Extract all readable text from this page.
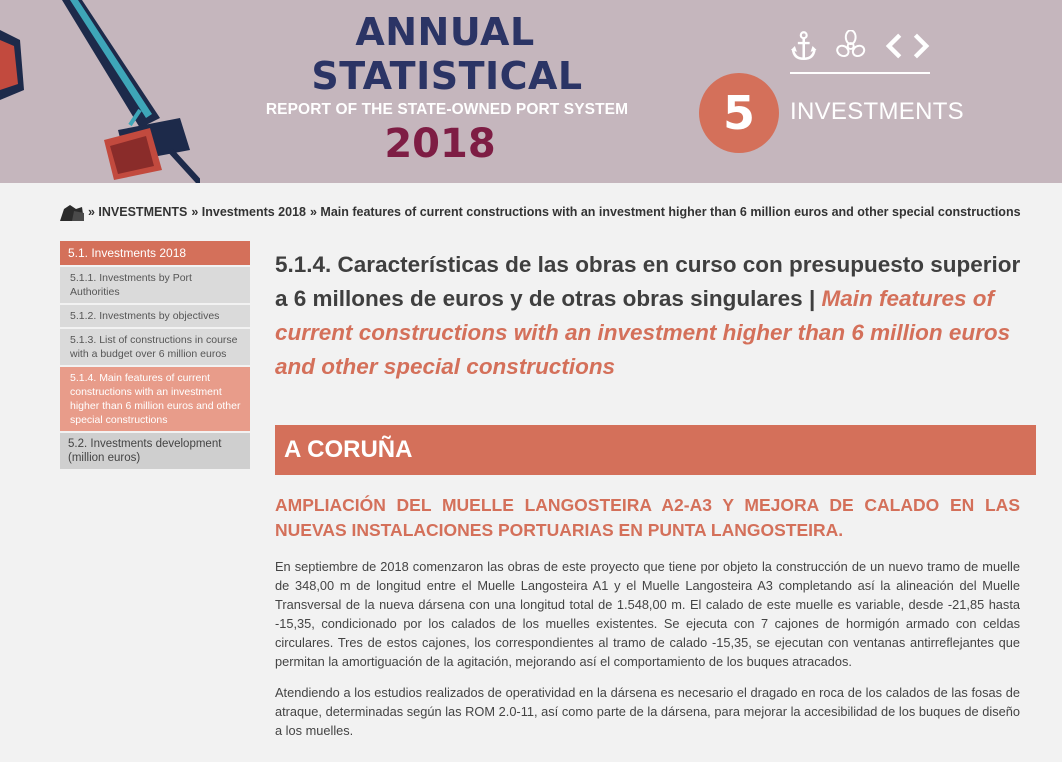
ANNUAL
STATISTICAL
REPORT OF THE STATE-OWNED PORT SYSTEM
2018
5	INVESTMENTS
» INVESTMENTS » Investments 2018 » Main features of current constructions with an investment higher than 6 million euros and other special constructions
5.1. Investments 2018
5.1.1. Investments by Port Authorities
5.1.2. Investments by objectives
5.1.3. List of constructions in course with a budget over 6 million euros
5.1.4. Main features of current constructions with an investment higher than 6 million euros and other special constructions
5.2. Investments development (million euros)
5.1.4. Características de las obras en curso con presupuesto superior a 6 millones de euros y de otras obras singulares | Main features of current constructions with an investment higher than 6 million euros and other special constructions
A CORUÑA
AMPLIACIÓN DEL MUELLE LANGOSTEIRA A2-A3 Y MEJORA DE CALADO EN LAS NUEVAS INSTALACIONES PORTUARIAS EN PUNTA LANGOSTEIRA.

En septiembre de 2018 comenzaron las obras de este proyecto que tiene por objeto la construcción de un nuevo tramo de muelle de 348,00 m de longitud entre el Muelle Langosteira A1 y el Muelle Langosteira A3 completando así la alineación del Muelle Transversal de la nueva dársena con una longitud total de 1.548,00 m. El calado de este muelle es variable, desde -21,85 hasta -15,35, condicionado por los calados de los muelles existentes. Se ejecuta con 7 cajones de hormigón armado con celdas circulares. Tres de estos cajones, los correspondientes al tramo de calado -15,35, se ejecutan con ventanas antirreflejantes que permitan la amortiguación de la agitación, mejorando así el comportamiento de los buques atracados.

Atendiendo a los estudios realizados de operatividad en la dársena es necesario el dragado en roca de los calados de las fosas de atraque, determinadas según las ROM 2.0-11, así como parte de la dársena, para mejorar la accesibilidad de los buques de diseño a los muelles.
